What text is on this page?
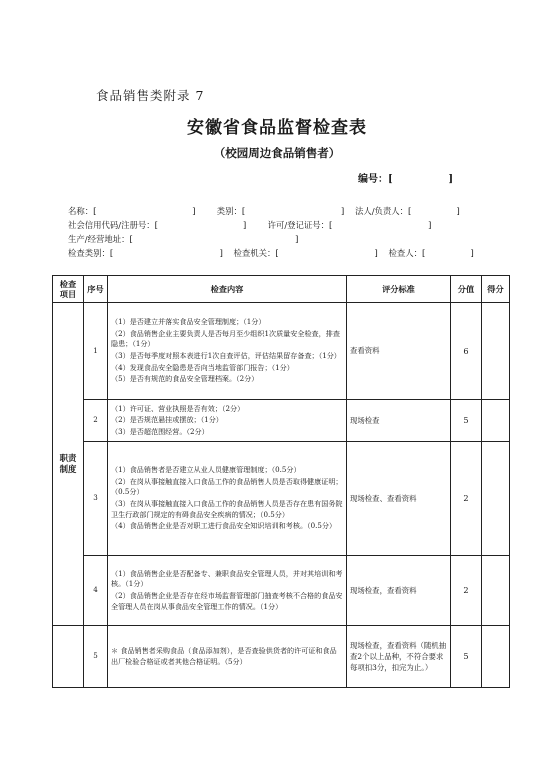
食品销售类附录 7
安徽省食品监督检查表
（校园周边食品销售者）
编号：[                ]
名称：[                                    ]        类别：[                                    ]    法人/负责人：[                 ]
社会信用代码/注册号：[                                ]        许可/登记证号：[                                    ]
生产/经营地址：[                                                             ]
检查类别：[                                        ]    检查机关：[                                    ]    检查人：[                 ]
检查项目	序号	检查内容	评分标准	分值	得分
职责制度	1	（1）是否建立并落实食品安全管理制度；（1分）
（2）食品销售企业主要负责人是否每月至少组织1次质量安全检查，排查隐患；（1分）
（3）是否每季度对照本表进行1次自查评估，评估结果留存备查；（1分）
（4）发现食品安全隐患是否向当地监管部门报告；（1分）
（5）是否有规范的食品安全管理档案。（2分）	查看资料	6	
	2	（1）许可证、营业执照是否有效；（2分）
（2）是否规范悬挂或摆放；（1分）
（3）是否超范围经营。（2分）	现场检查	5	
	3	（1）食品销售者是否建立从业人员健康管理制度；（0.5分）
（2）在岗从事接触直接入口食品工作的食品销售人员是否取得健康证明；（0.5分）
（3）在岗从事接触直接入口食品工作的食品销售人员是否存在患有国务院卫生行政部门规定的有碍食品安全疾病的情况；（0.5分）
（4）食品销售企业是否对职工进行食品安全知识培训和考核。（0.5分）	现场检查、查看资料	2	
	4	（1）食品销售企业是否配备专、兼职食品安全管理人员，并对其培训和考核。（1分）
（2）食品销售企业是否存在经市场监督管理部门抽查考核不合格的食品安全管理人员在岗从事食品安全管理工作的情况。（1分）	现场检查，查看资料	2	
	5	＊ 食品销售者采购食品（食品添加剂），是否查验供货者的许可证和食品出厂检验合格证或者其他合格证明。（5分）	现场检查，查看资料（随机抽查2个以上品种，不符合要求每项扣3分，扣完为止。）	5	
